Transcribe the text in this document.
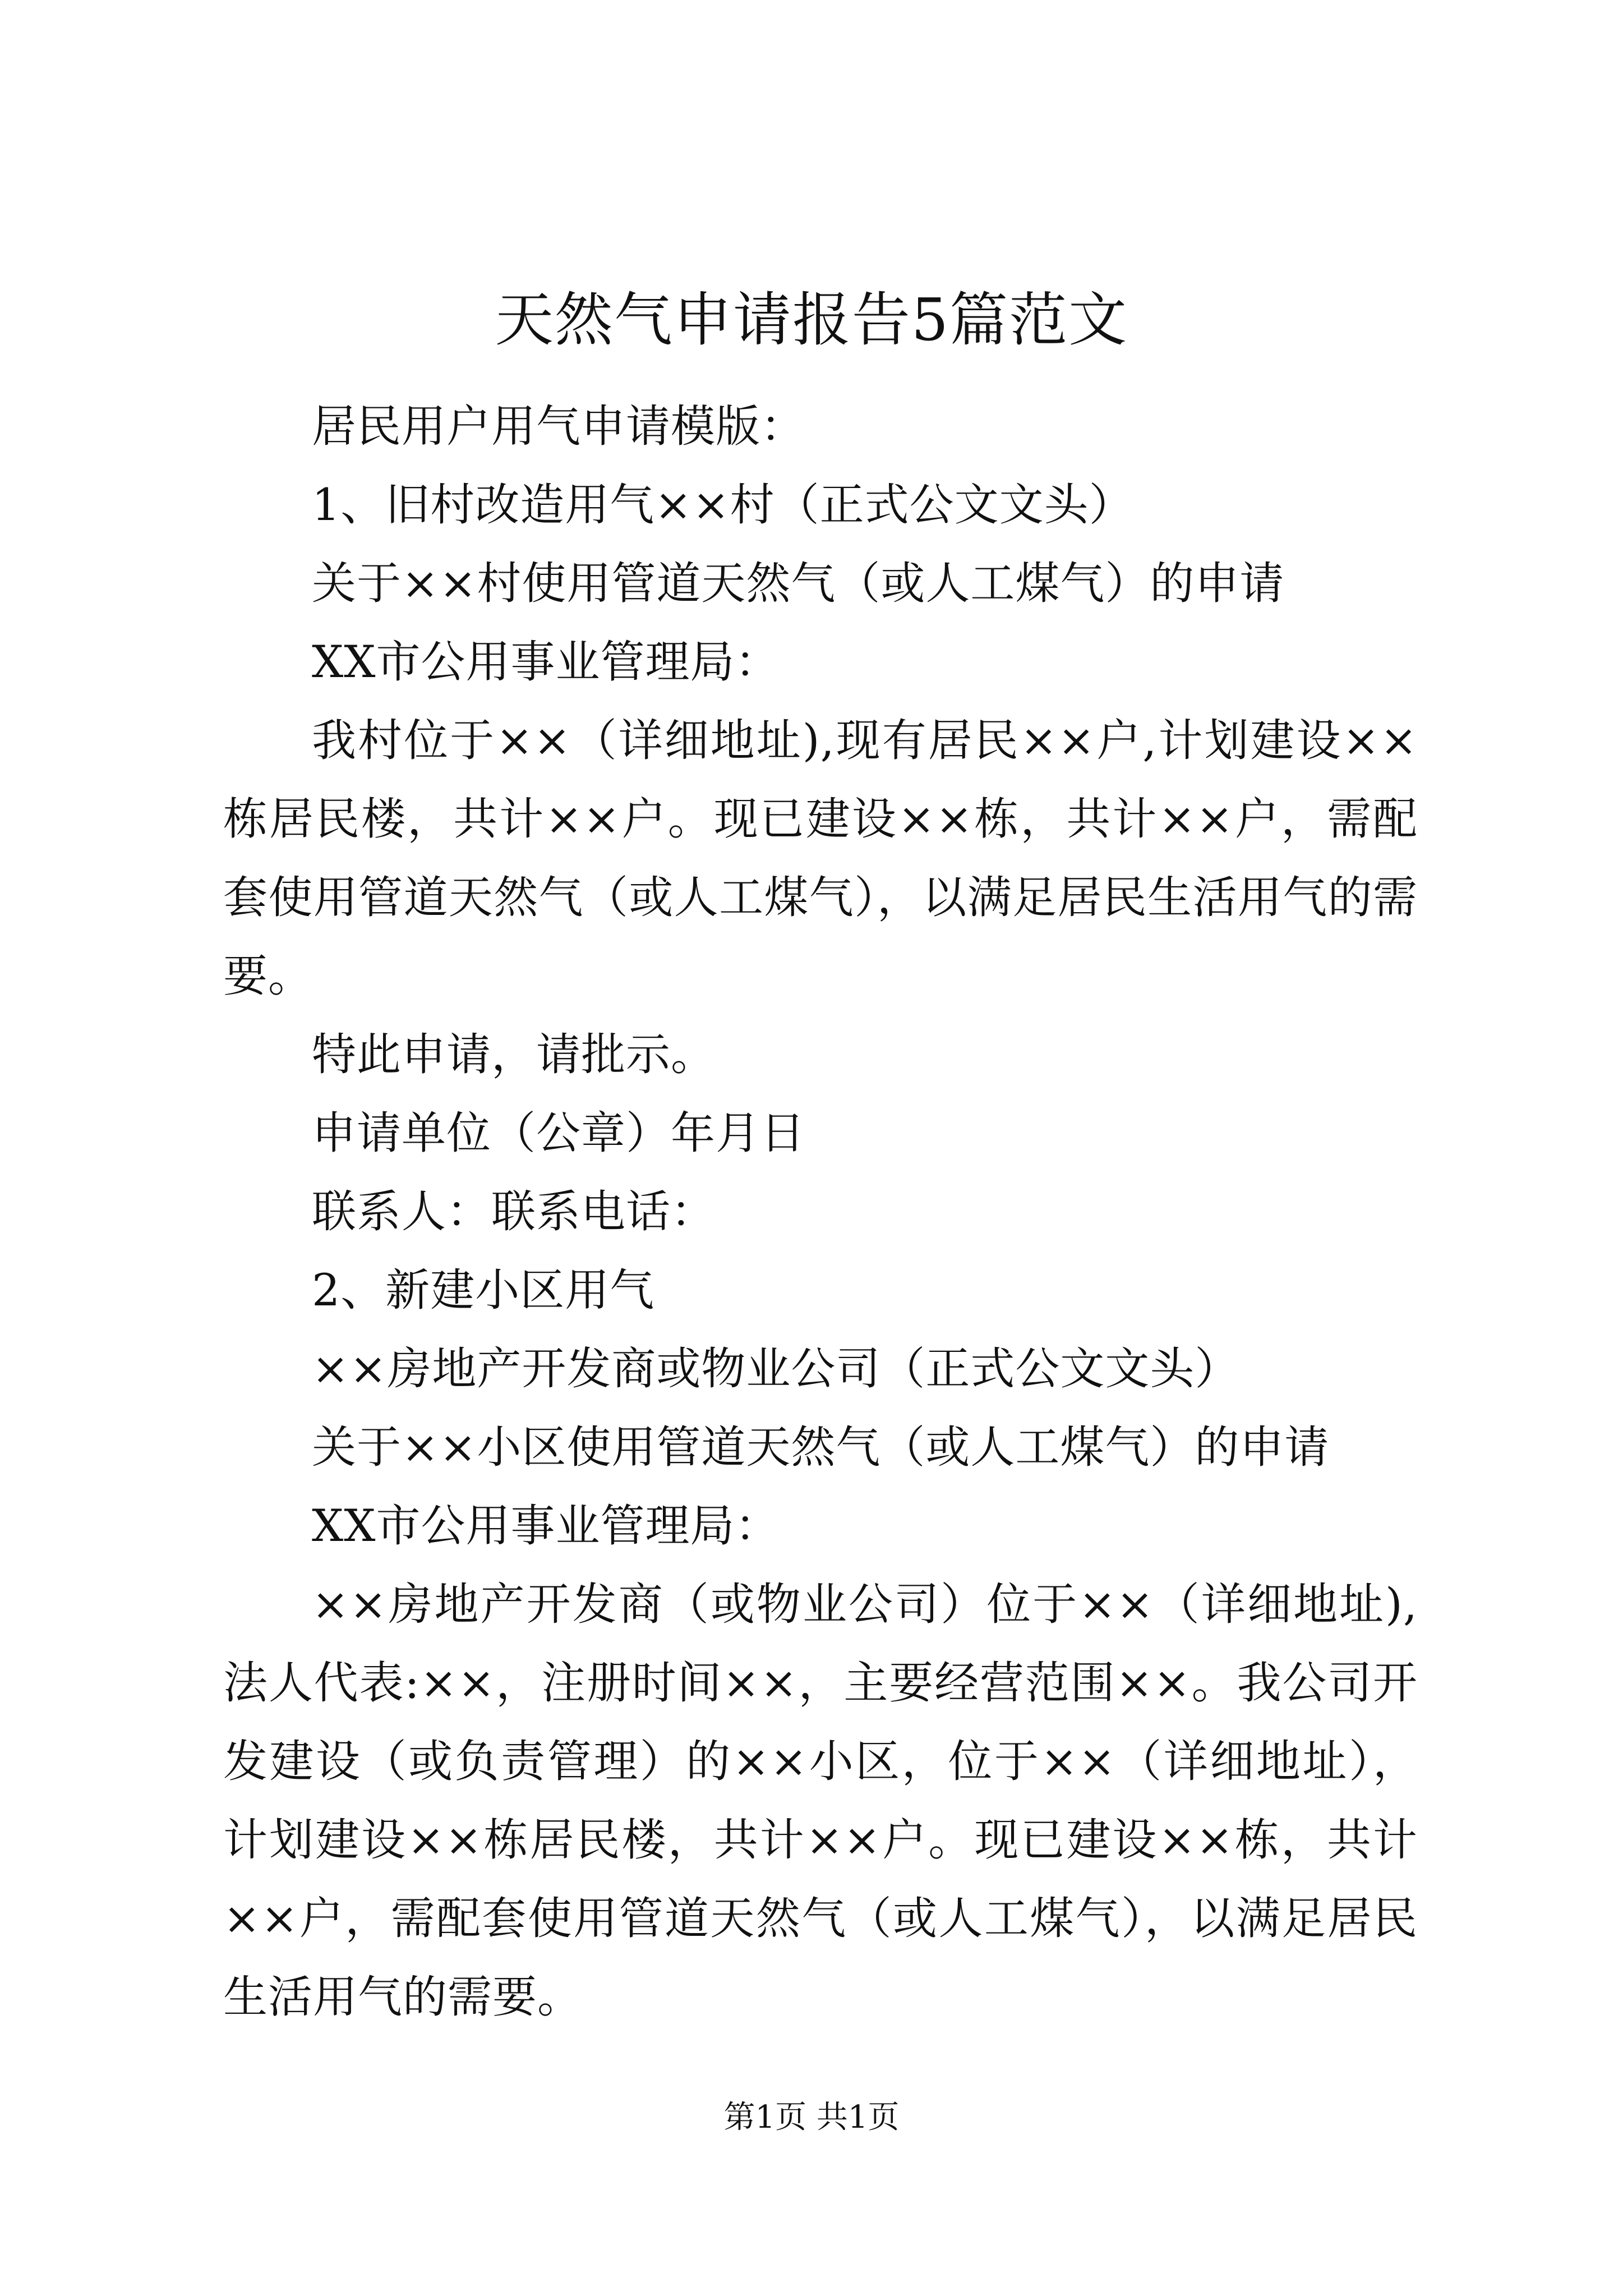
天然气申请报告5篇范文

居民用户用气申请模版：

1、旧村改造用气××村（正式公文文头）

关于××村使用管道天然气（或人工煤气）的申请

XX市公用事业管理局：

我村位于××（详细地址),现有居民××户,计划建设××栋居民楼，共计××户。现已建设××栋，共计××户，需配套使用管道天然气（或人工煤气），以满足居民生活用气的需要。

特此申请，请批示。

申请单位（公章）年月日

联系人：联系电话：

2、新建小区用气

××房地产开发商或物业公司（正式公文文头）

关于××小区使用管道天然气（或人工煤气）的申请

XX市公用事业管理局：

××房地产开发商（或物业公司）位于××（详细地址),法人代表:××，注册时间××，主要经营范围××。我公司开发建设（或负责管理）的××小区，位于××（详细地址），计划建设××栋居民楼，共计××户。现已建设××栋，共计××户，需配套使用管道天然气（或人工煤气），以满足居民生活用气的需要。

第1页 共1页
